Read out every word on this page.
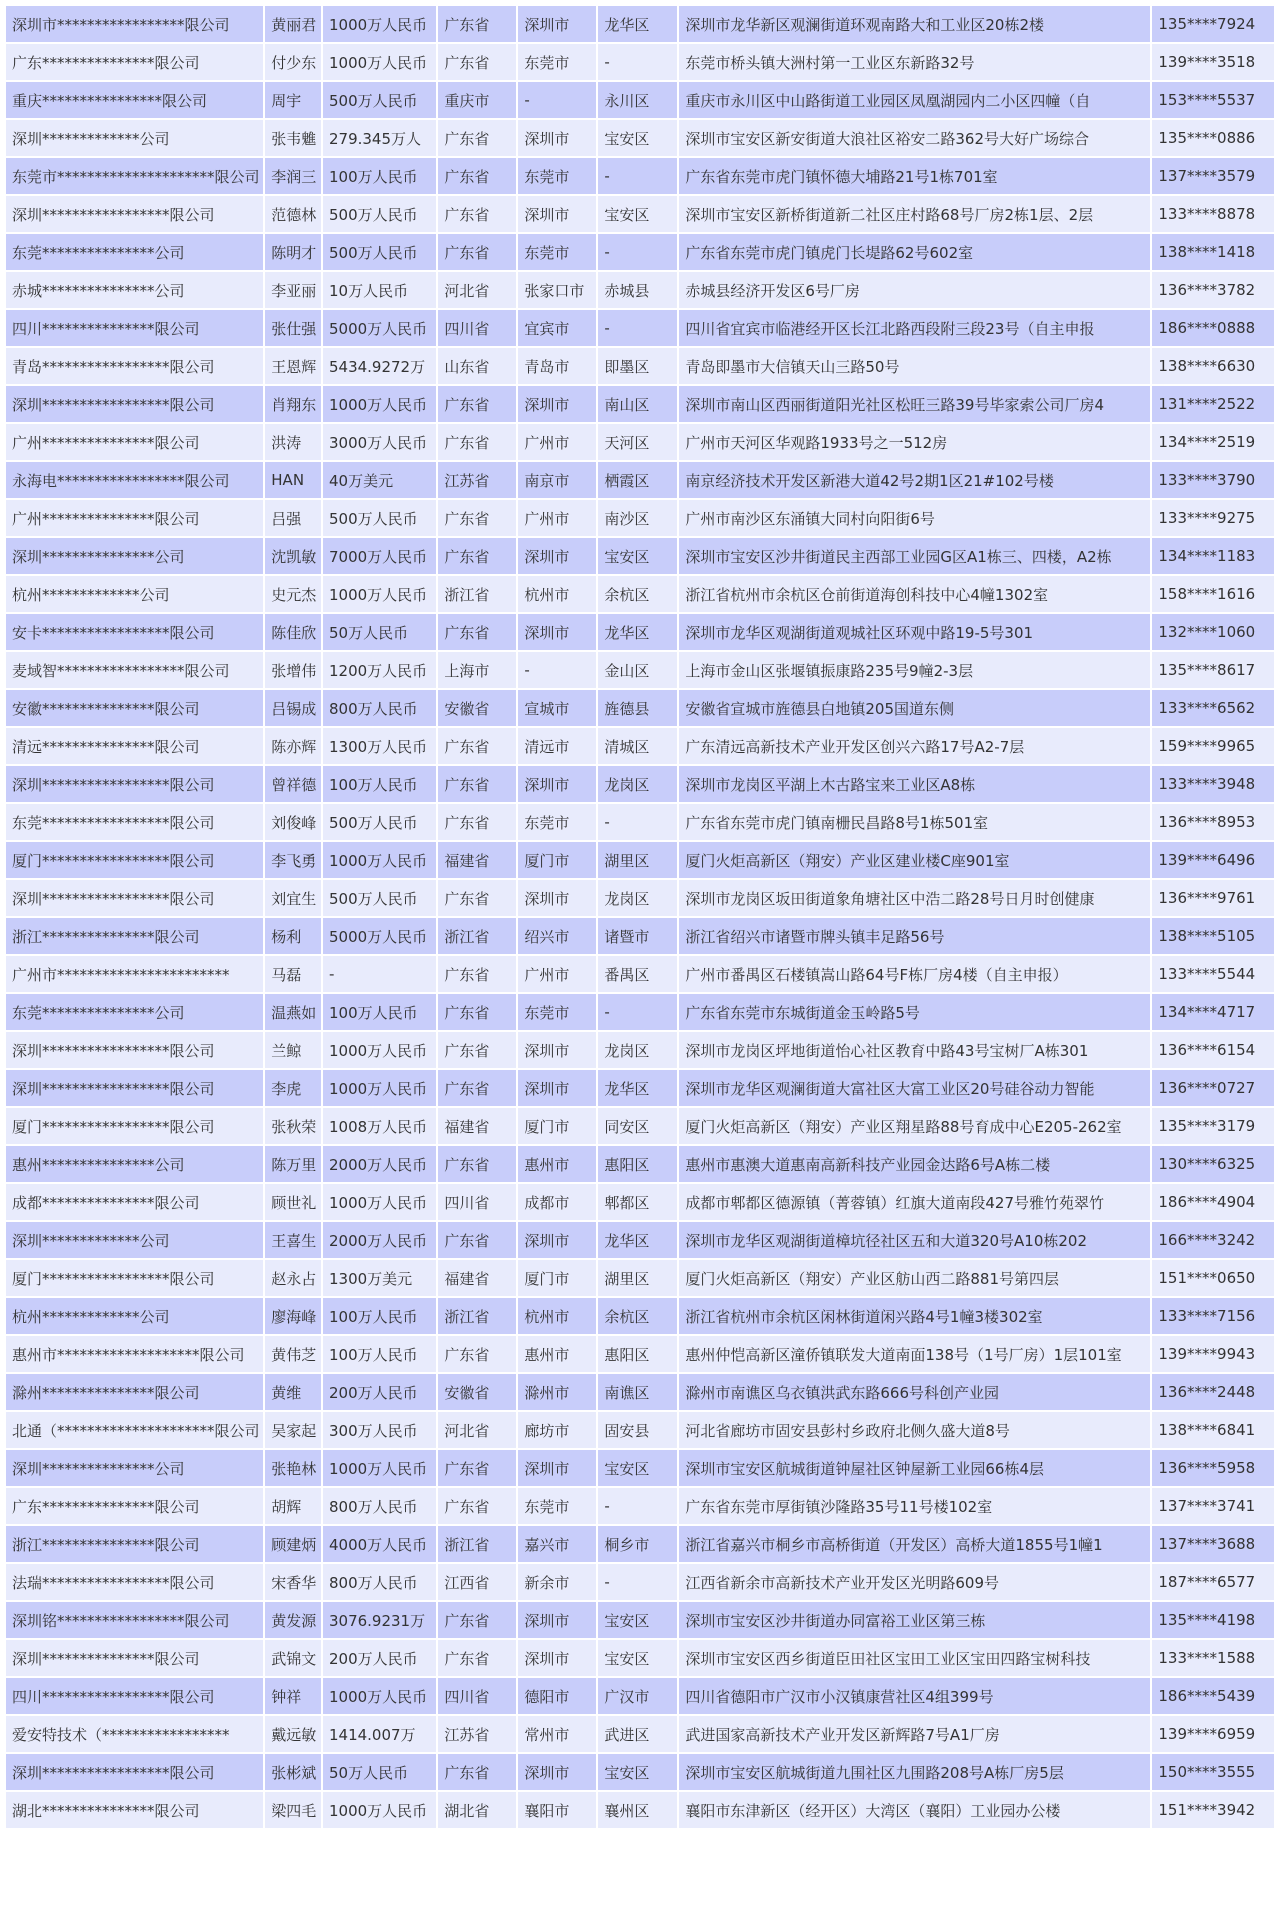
深圳市*****************限公司	黄丽君	1000万人民币	广东省	深圳市	龙华区	深圳市龙华新区观澜街道环观南路大和工业区20栋2楼	135****7924
广东***************限公司	付少东	1000万人民币	广东省	东莞市	-	东莞市桥头镇大洲村第一工业区东新路32号	139****3518
重庆****************限公司	周宇	500万人民币	重庆市	-	永川区	重庆市永川区中山路街道工业园区凤凰湖园内二小区四幢（自	153****5537
深圳*************公司	张韦魋	279.345万人	广东省	深圳市	宝安区	深圳市宝安区新安街道大浪社区裕安二路362号大好广场综合	135****0886
东莞市*********************限公司	李润三	100万人民币	广东省	东莞市	-	广东省东莞市虎门镇怀德大埔路21号1栋701室	137****3579
深圳*****************限公司	范德林	500万人民币	广东省	深圳市	宝安区	深圳市宝安区新桥街道新二社区庄村路68号厂房2栋1层、2层	133****8878
东莞***************公司	陈明才	500万人民币	广东省	东莞市	-	广东省东莞市虎门镇虎门长堤路62号602室	138****1418
赤城***************公司	李亚丽	10万人民币	河北省	张家口市	赤城县	赤城县经济开发区6号厂房	136****3782
四川***************限公司	张仕强	5000万人民币	四川省	宜宾市	-	四川省宜宾市临港经开区长江北路西段附三段23号（自主申报	186****0888
青岛*****************限公司	王恩辉	5434.9272万	山东省	青岛市	即墨区	青岛即墨市大信镇天山三路50号	138****6630
深圳*****************限公司	肖翔东	1000万人民币	广东省	深圳市	南山区	深圳市南山区西丽街道阳光社区松旺三路39号毕家索公司厂房4	131****2522
广州***************限公司	洪涛	3000万人民币	广东省	广州市	天河区	广州市天河区华观路1933号之一512房	134****2519
永海电*****************限公司	HAN	40万美元	江苏省	南京市	栖霞区	南京经济技术开发区新港大道42号2期1区21#102号楼	133****3790
广州***************限公司	吕强	500万人民币	广东省	广州市	南沙区	广州市南沙区东涌镇大同村向阳街6号	133****9275
深圳***************公司	沈凯敏	7000万人民币	广东省	深圳市	宝安区	深圳市宝安区沙井街道民主西部工业园G区A1栋三、四楼，A2栋	134****1183
杭州*************公司	史元杰	1000万人民币	浙江省	杭州市	余杭区	浙江省杭州市余杭区仓前街道海创科技中心4幢1302室	158****1616
安卡*****************限公司	陈佳欣	50万人民币	广东省	深圳市	龙华区	深圳市龙华区观湖街道观城社区环观中路19-5号301	132****1060
麦域智*****************限公司	张增伟	1200万人民币	上海市	-	金山区	上海市金山区张堰镇振康路235号9幢2-3层	135****8617
安徽***************限公司	吕锡成	800万人民币	安徽省	宣城市	旌德县	安徽省宣城市旌德县白地镇205国道东侧	133****6562
清远***************限公司	陈亦辉	1300万人民币	广东省	清远市	清城区	广东清远高新技术产业开发区创兴六路17号A2-7层	159****9965
深圳*****************限公司	曾祥德	100万人民币	广东省	深圳市	龙岗区	深圳市龙岗区平湖上木古路宝来工业区A8栋	133****3948
东莞*****************限公司	刘俊峰	500万人民币	广东省	东莞市	-	广东省东莞市虎门镇南栅民昌路8号1栋501室	136****8953
厦门*****************限公司	李飞勇	1000万人民币	福建省	厦门市	湖里区	厦门火炬高新区（翔安）产业区建业楼C座901室	139****6496
深圳*****************限公司	刘宜生	500万人民币	广东省	深圳市	龙岗区	深圳市龙岗区坂田街道象角塘社区中浩二路28号日月时创健康	136****9761
浙江***************限公司	杨利	5000万人民币	浙江省	绍兴市	诸暨市	浙江省绍兴市诸暨市牌头镇丰足路56号	138****5105
广州市***********************	马磊	-	广东省	广州市	番禺区	广州市番禺区石楼镇嵩山路64号F栋厂房4楼（自主申报）	133****5544
东莞***************公司	温燕如	100万人民币	广东省	东莞市	-	广东省东莞市东城街道金玉岭路5号	134****4717
深圳*****************限公司	兰鲸	1000万人民币	广东省	深圳市	龙岗区	深圳市龙岗区坪地街道怡心社区教育中路43号宝树厂A栋301	136****6154
深圳*****************限公司	李虎	1000万人民币	广东省	深圳市	龙华区	深圳市龙华区观澜街道大富社区大富工业区20号硅谷动力智能	136****0727
厦门*****************限公司	张秋荣	1008万人民币	福建省	厦门市	同安区	厦门火炬高新区（翔安）产业区翔星路88号育成中心E205-262室	135****3179
惠州***************公司	陈万里	2000万人民币	广东省	惠州市	惠阳区	惠州市惠澳大道惠南高新科技产业园金达路6号A栋二楼	130****6325
成都***************限公司	顾世礼	1000万人民币	四川省	成都市	郫都区	成都市郫都区德源镇（菁蓉镇）红旗大道南段427号雅竹苑翠竹	186****4904
深圳*************公司	王喜生	2000万人民币	广东省	深圳市	龙华区	深圳市龙华区观湖街道樟坑径社区五和大道320号A10栋202	166****3242
厦门*****************限公司	赵永占	1300万美元	福建省	厦门市	湖里区	厦门火炬高新区（翔安）产业区舫山西二路881号第四层	151****0650
杭州*************公司	廖海峰	100万人民币	浙江省	杭州市	余杭区	浙江省杭州市余杭区闲林街道闲兴路4号1幢3楼302室	133****7156
惠州市*******************限公司	黄伟芝	100万人民币	广东省	惠州市	惠阳区	惠州仲恺高新区潼侨镇联发大道南面138号（1号厂房）1层101室	139****9943
滁州***************限公司	黄维	200万人民币	安徽省	滁州市	南谯区	滁州市南谯区乌衣镇洪武东路666号科创产业园	136****2448
北通（*********************限公司	吴家起	300万人民币	河北省	廊坊市	固安县	河北省廊坊市固安县彭村乡政府北侧久盛大道8号	138****6841
深圳***************公司	张艳林	1000万人民币	广东省	深圳市	宝安区	深圳市宝安区航城街道钟屋社区钟屋新工业园66栋4层	136****5958
广东***************限公司	胡辉	800万人民币	广东省	东莞市	-	广东省东莞市厚街镇沙隆路35号11号楼102室	137****3741
浙江***************限公司	顾建炳	4000万人民币	浙江省	嘉兴市	桐乡市	浙江省嘉兴市桐乡市高桥街道（开发区）高桥大道1855号1幢1	137****3688
法瑞*****************限公司	宋香华	800万人民币	江西省	新余市	-	江西省新余市高新技术产业开发区光明路609号	187****6577
深圳铭*****************限公司	黄发源	3076.9231万	广东省	深圳市	宝安区	深圳市宝安区沙井街道办同富裕工业区第三栋	135****4198
深圳***************限公司	武锦文	200万人民币	广东省	深圳市	宝安区	深圳市宝安区西乡街道臣田社区宝田工业区宝田四路宝树科技	133****1588
四川*****************限公司	钟祥	1000万人民币	四川省	德阳市	广汉市	四川省德阳市广汉市小汉镇康营社区4组399号	186****5439
爱安特技术（*****************	戴远敏	1414.007万	江苏省	常州市	武进区	武进国家高新技术产业开发区新辉路7号A1厂房	139****6959
深圳*****************限公司	张彬斌	50万人民币	广东省	深圳市	宝安区	深圳市宝安区航城街道九围社区九围路208号A栋厂房5层	150****3555
湖北***************限公司	梁四毛	1000万人民币	湖北省	襄阳市	襄州区	襄阳市东津新区（经开区）大湾区（襄阳）工业园办公楼	151****3942
